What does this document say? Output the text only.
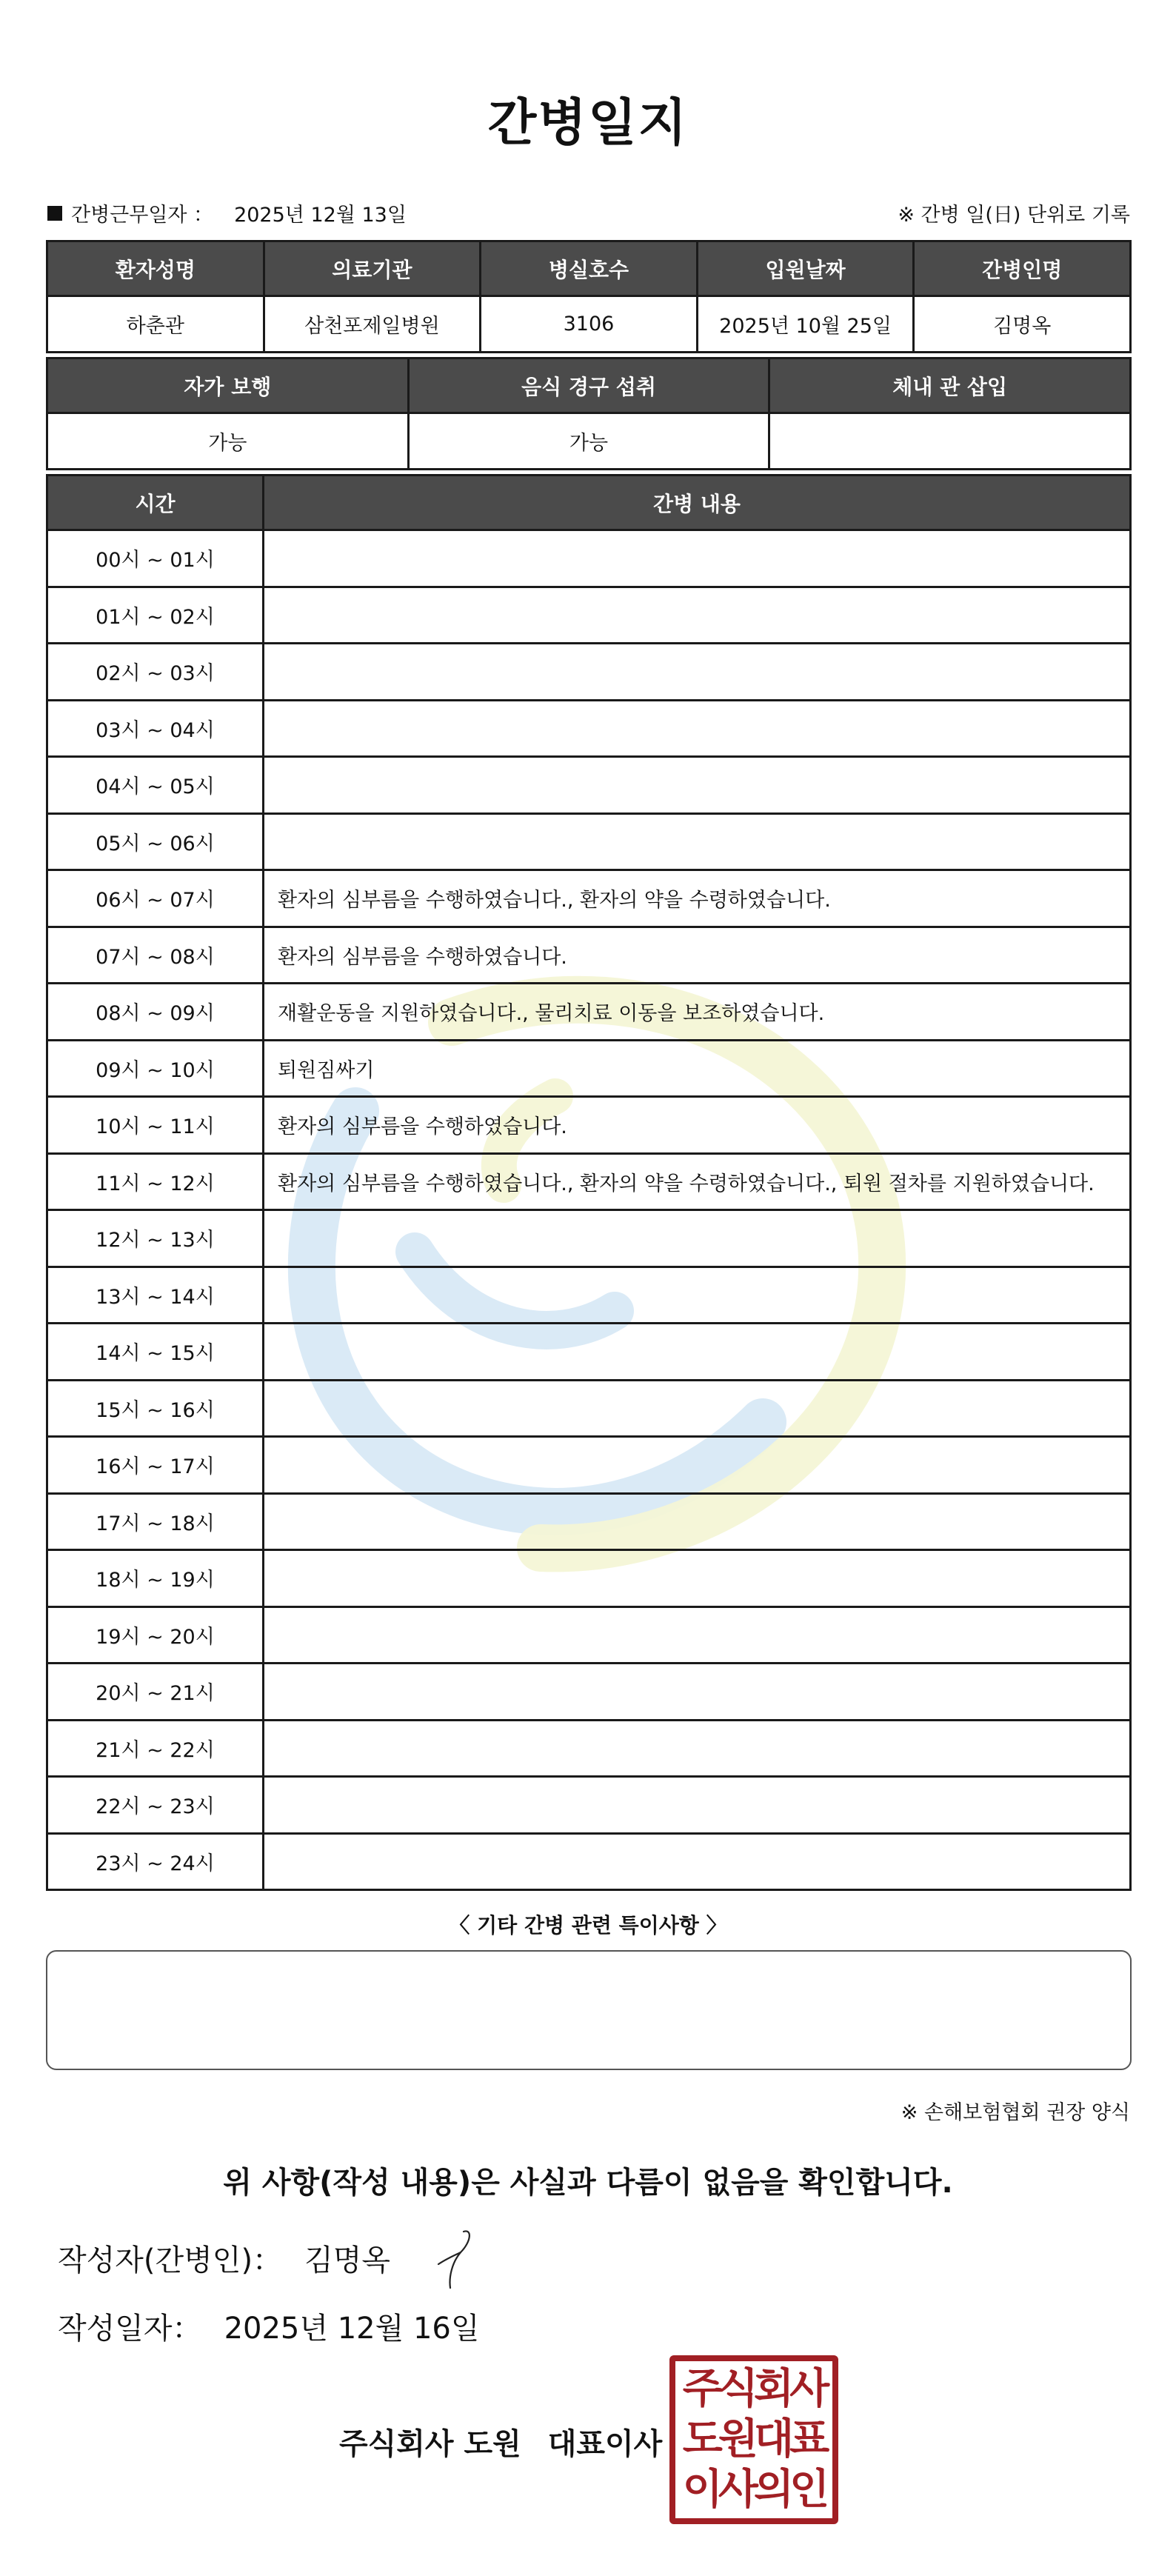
간병일지
간병근무일자 ： 2025년 12월 13일	※ 간병 일(日) 단위로 기록
환자성명	의료기관	병실호수	입원날짜	간병인명
하춘관	삼천포제일병원	3106	2025년 10월 25일	김명옥
자가 보행	음식 경구 섭취	체내 관 삽입
가능	가능	
시간	간병 내용
00시 ~ 01시	
01시 ~ 02시	
02시 ~ 03시	
03시 ~ 04시	
04시 ~ 05시	
05시 ~ 06시	
06시 ~ 07시	환자의 심부름을 수행하였습니다., 환자의 약을 수령하였습니다.
07시 ~ 08시	환자의 심부름을 수행하였습니다.
08시 ~ 09시	재활운동을 지원하였습니다., 물리치료 이동을 보조하였습니다.
09시 ~ 10시	퇴원짐싸기
10시 ~ 11시	환자의 심부름을 수행하였습니다.
11시 ~ 12시	환자의 심부름을 수행하였습니다., 환자의 약을 수령하였습니다., 퇴원 절차를 지원하였습니다.
12시 ~ 13시	
13시 ~ 14시	
14시 ~ 15시	
15시 ~ 16시	
16시 ~ 17시	
17시 ~ 18시	
18시 ~ 19시	
19시 ~ 20시	
20시 ~ 21시	
21시 ~ 22시	
22시 ~ 23시	
23시 ~ 24시	
〈 기타 간병 관련 특이사항 〉
※ 손해보험협회 권장 양식
위 사항(작성 내용)은 사실과 다름이 없음을 확인합니다.
작성자(간병인)： 김명옥
작성일자： 2025년 12월 16일
주식회사 도원 대표이사
주식회사
도원대표
이사의인
